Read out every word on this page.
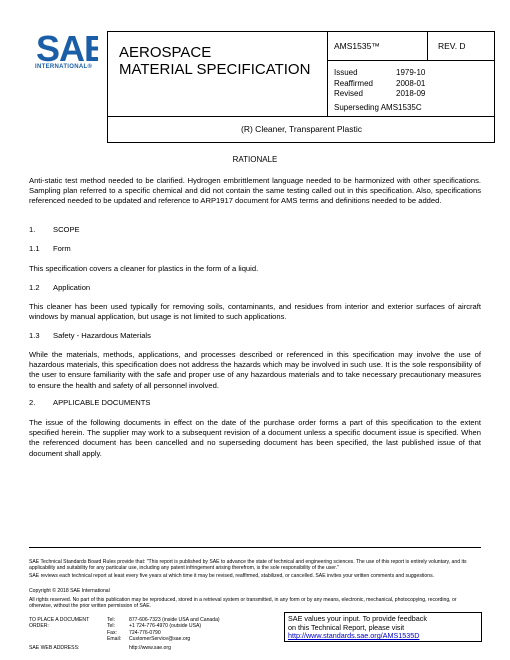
SAE
INTERNATIONAL®
AEROSPACE
MATERIAL SPECIFICATION
AMS1535™	REV. D
Issued	1979-10
Reaffirmed	2008-01
Revised	2018-09
Superseding AMS1535C
(R) Cleaner, Transparent Plastic
RATIONALE
Anti-static test method needed to be clarified. Hydrogen embrittlement language needed to be harmonized with other specifications. Sampling plan referred to a specific chemical and did not contain the same testing called out in this specification. Also, specifications referenced needed to be updated and reference to ARP1917 document for AMS terms and definitions needed to be added.
1. SCOPE
1.1 Form
This specification covers a cleaner for plastics in the form of a liquid.
1.2 Application
This cleaner has been used typically for removing soils, contaminants, and residues from interior and exterior surfaces of aircraft windows by manual application, but usage is not limited to such applications.
1.3 Safety - Hazardous Materials
While the materials, methods, applications, and processes described or referenced in this specification may involve the use of hazardous materials, this specification does not address the hazards which may be involved in such use. It is the sole responsibility of the user to ensure familiarity with the safe and proper use of any hazardous materials and to take necessary precautionary measures to ensure the health and safety of all personnel involved.
2. APPLICABLE DOCUMENTS
The issue of the following documents in effect on the date of the purchase order forms a part of this specification to the extent specified herein. The supplier may work to a subsequent revision of a document unless a specific document issue is specified. When the referenced document has been cancelled and no superseding document has been specified, the last published issue of that document shall apply.
SAE Technical Standards Board Rules provide that: "This report is published by SAE to advance the state of technical and engineering sciences. The use of this report is entirely voluntary, and its applicability and suitability for any particular use, including any patent infringement arising therefrom, is the sole responsibility of the user."
SAE reviews each technical report at least every five years at which time it may be revised, reaffirmed, stabilized, or cancelled. SAE invites your written comments and suggestions.
Copyright © 2018 SAE International
All rights reserved. No part of this publication may be reproduced, stored in a retrieval system or transmitted, in any form or by any means, electronic, mechanical, photocopying, recording, or otherwise, without the prior written permission of SAE.
TO PLACE A DOCUMENT ORDER:
Tel:	877-606-7323 (inside USA and Canada)
Tel:	+1 724-776-4970 (outside USA)
Fax:	724-776-0790
Email:	CustomerService@sae.org
SAE WEB ADDRESS:	http://www.sae.org
SAE values your input. To provide feedback
on this Technical Report, please visit
http://www.standards.sae.org/AMS1535D
